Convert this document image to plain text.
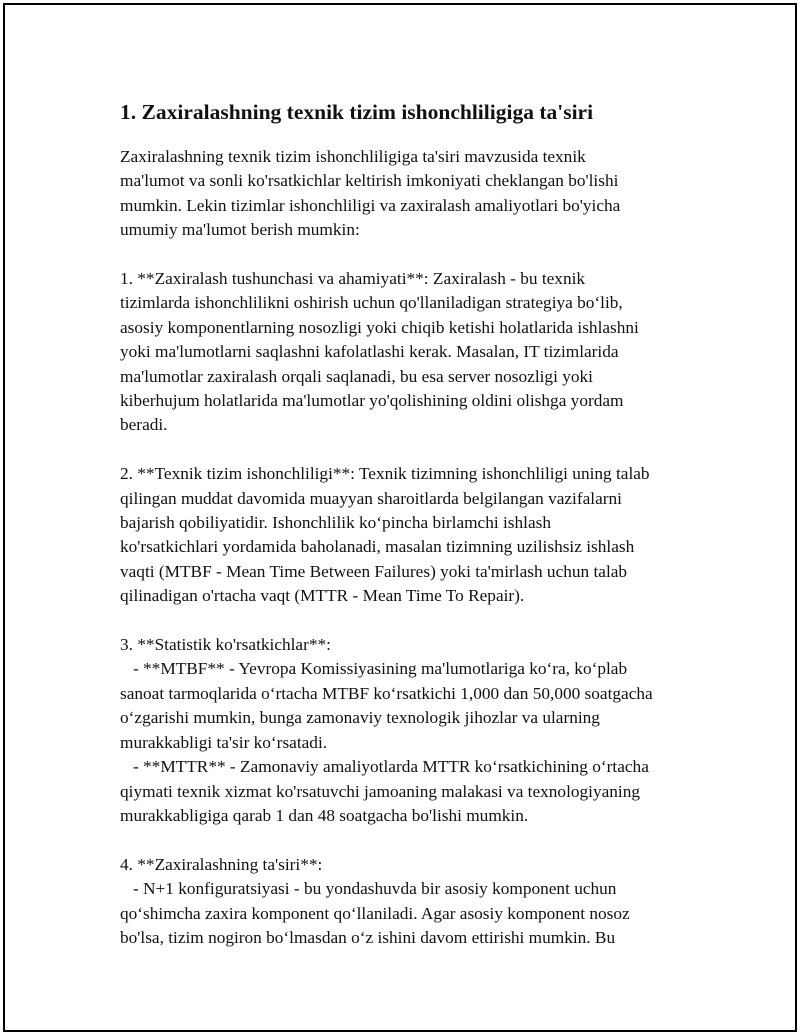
1. Zaxiralashning texnik tizim ishonchliligiga ta'siri
Zaxiralashning texnik tizim ishonchliligiga ta'siri mavzusida texnik
ma'lumot va sonli ko'rsatkichlar keltirish imkoniyati cheklangan bo'lishi
mumkin. Lekin tizimlar ishonchliligi va zaxiralash amaliyotlari bo'yicha
umumiy ma'lumot berish mumkin:
1. **Zaxiralash tushunchasi va ahamiyati**: Zaxiralash - bu texnik
tizimlarda ishonchlilikni oshirish uchun qo'llaniladigan strategiya bo‘lib,
asosiy komponentlarning nosozligi yoki chiqib ketishi holatlarida ishlashni
yoki ma'lumotlarni saqlashni kafolatlashi kerak. Masalan, IT tizimlarida
ma'lumotlar zaxiralash orqali saqlanadi, bu esa server nosozligi yoki
kiberhujum holatlarida ma'lumotlar yo'qolishining oldini olishga yordam
beradi.
2. **Texnik tizim ishonchliligi**: Texnik tizimning ishonchliligi uning talab
qilingan muddat davomida muayyan sharoitlarda belgilangan vazifalarni
bajarish qobiliyatidir. Ishonchlilik ko‘pincha birlamchi ishlash
ko'rsatkichlari yordamida baholanadi, masalan tizimning uzilishsiz ishlash
vaqti (MTBF - Mean Time Between Failures) yoki ta'mirlash uchun talab
qilinadigan o'rtacha vaqt (MTTR - Mean Time To Repair).
3. **Statistik ko'rsatkichlar**:
- **MTBF** - Yevropa Komissiyasining ma'lumotlariga ko‘ra, ko‘plab
sanoat tarmoqlarida o‘rtacha MTBF ko‘rsatkichi 1,000 dan 50,000 soatgacha
o‘zgarishi mumkin, bunga zamonaviy texnologik jihozlar va ularning
murakkabligi ta'sir ko‘rsatadi.
- **MTTR** - Zamonaviy amaliyotlarda MTTR ko‘rsatkichining o‘rtacha
qiymati texnik xizmat ko'rsatuvchi jamoaning malakasi va texnologiyaning
murakkabligiga qarab 1 dan 48 soatgacha bo'lishi mumkin.
4. **Zaxiralashning ta'siri**:
- N+1 konfiguratsiyasi - bu yondashuvda bir asosiy komponent uchun
qo‘shimcha zaxira komponent qo‘llaniladi. Agar asosiy komponent nosoz
bo'lsa, tizim nogiron bo‘lmasdan o‘z ishini davom ettirishi mumkin. Bu
